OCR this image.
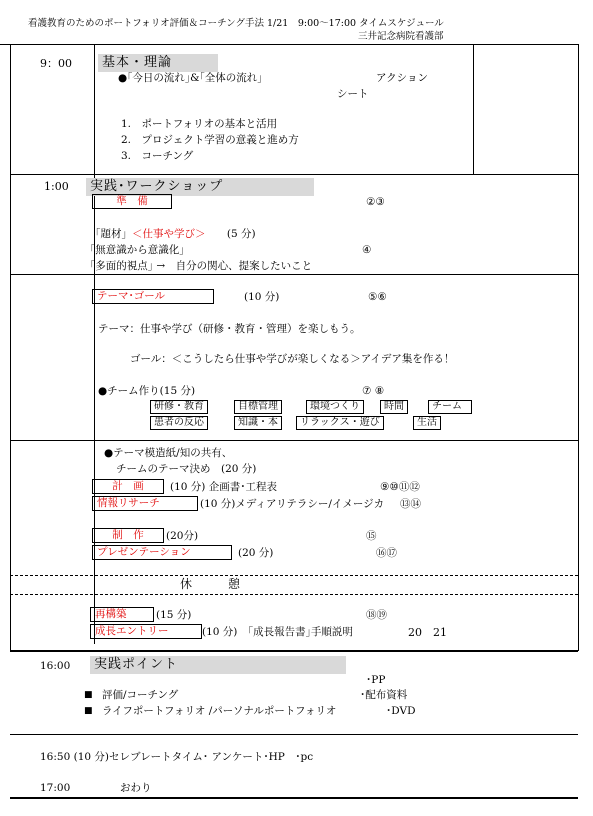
看護教育のためのポートフォリオ評価＆コーチング手法 1/21　9:00～17:00 タイムスケジュール
三井記念病院看護部
9：00	基本・理論
●｢今日の流れ｣&｢全体の流れ｣	アクション
シート
1.　ポートフォリオの基本と活用
2.　プロジェクト学習の意義と進め方
3.　コーチング
1:00	実践･ワークショップ
準　備	②③
「題材」＜仕事や学び＞ (5 分)
｢無意識から意識化｣	④
｢多面的視点｣ →　自分の関心、提案したいこと
テーマ･ゴール	(10 分)	⑤⑥
テーマ：仕事や学び（研修・教育・管理）を楽しもう。
ゴール：＜こうしたら仕事や学びが楽しくなる＞アイデア集を作る！
●チーム作り(15 分)	⑦ ⑧
研修・教育	目標管理	環境つくり	時間	チーム
患者の反応	知識・本	リラックス・遊び	生活
●テーマ模造紙/知の共有、
チームのテーマ決め　(20 分)
計　画	(10 分) 企画書･工程表	⑨⑩⑪⑫
情報リサーチ	(10 分)メディアリテラシー/イメージカ ⑬⑭
制　作	(20分)	⑮
プレゼンテーション	(20 分)	⑯⑰
休　　　憩
再構築	(15 分)	⑱⑲
成長エントリー	(10 分)　｢成長報告書｣手順説明	20　21
16:00	実践ポイント
･PP
■ 評価/コーチング	･配布資料
■ ライフポートフォリオ /パーソナルポートフォリオ	･DVD
16:50 (10 分)セレブレートタイム･ アンケート･HP　･pc
17:00	おわり
